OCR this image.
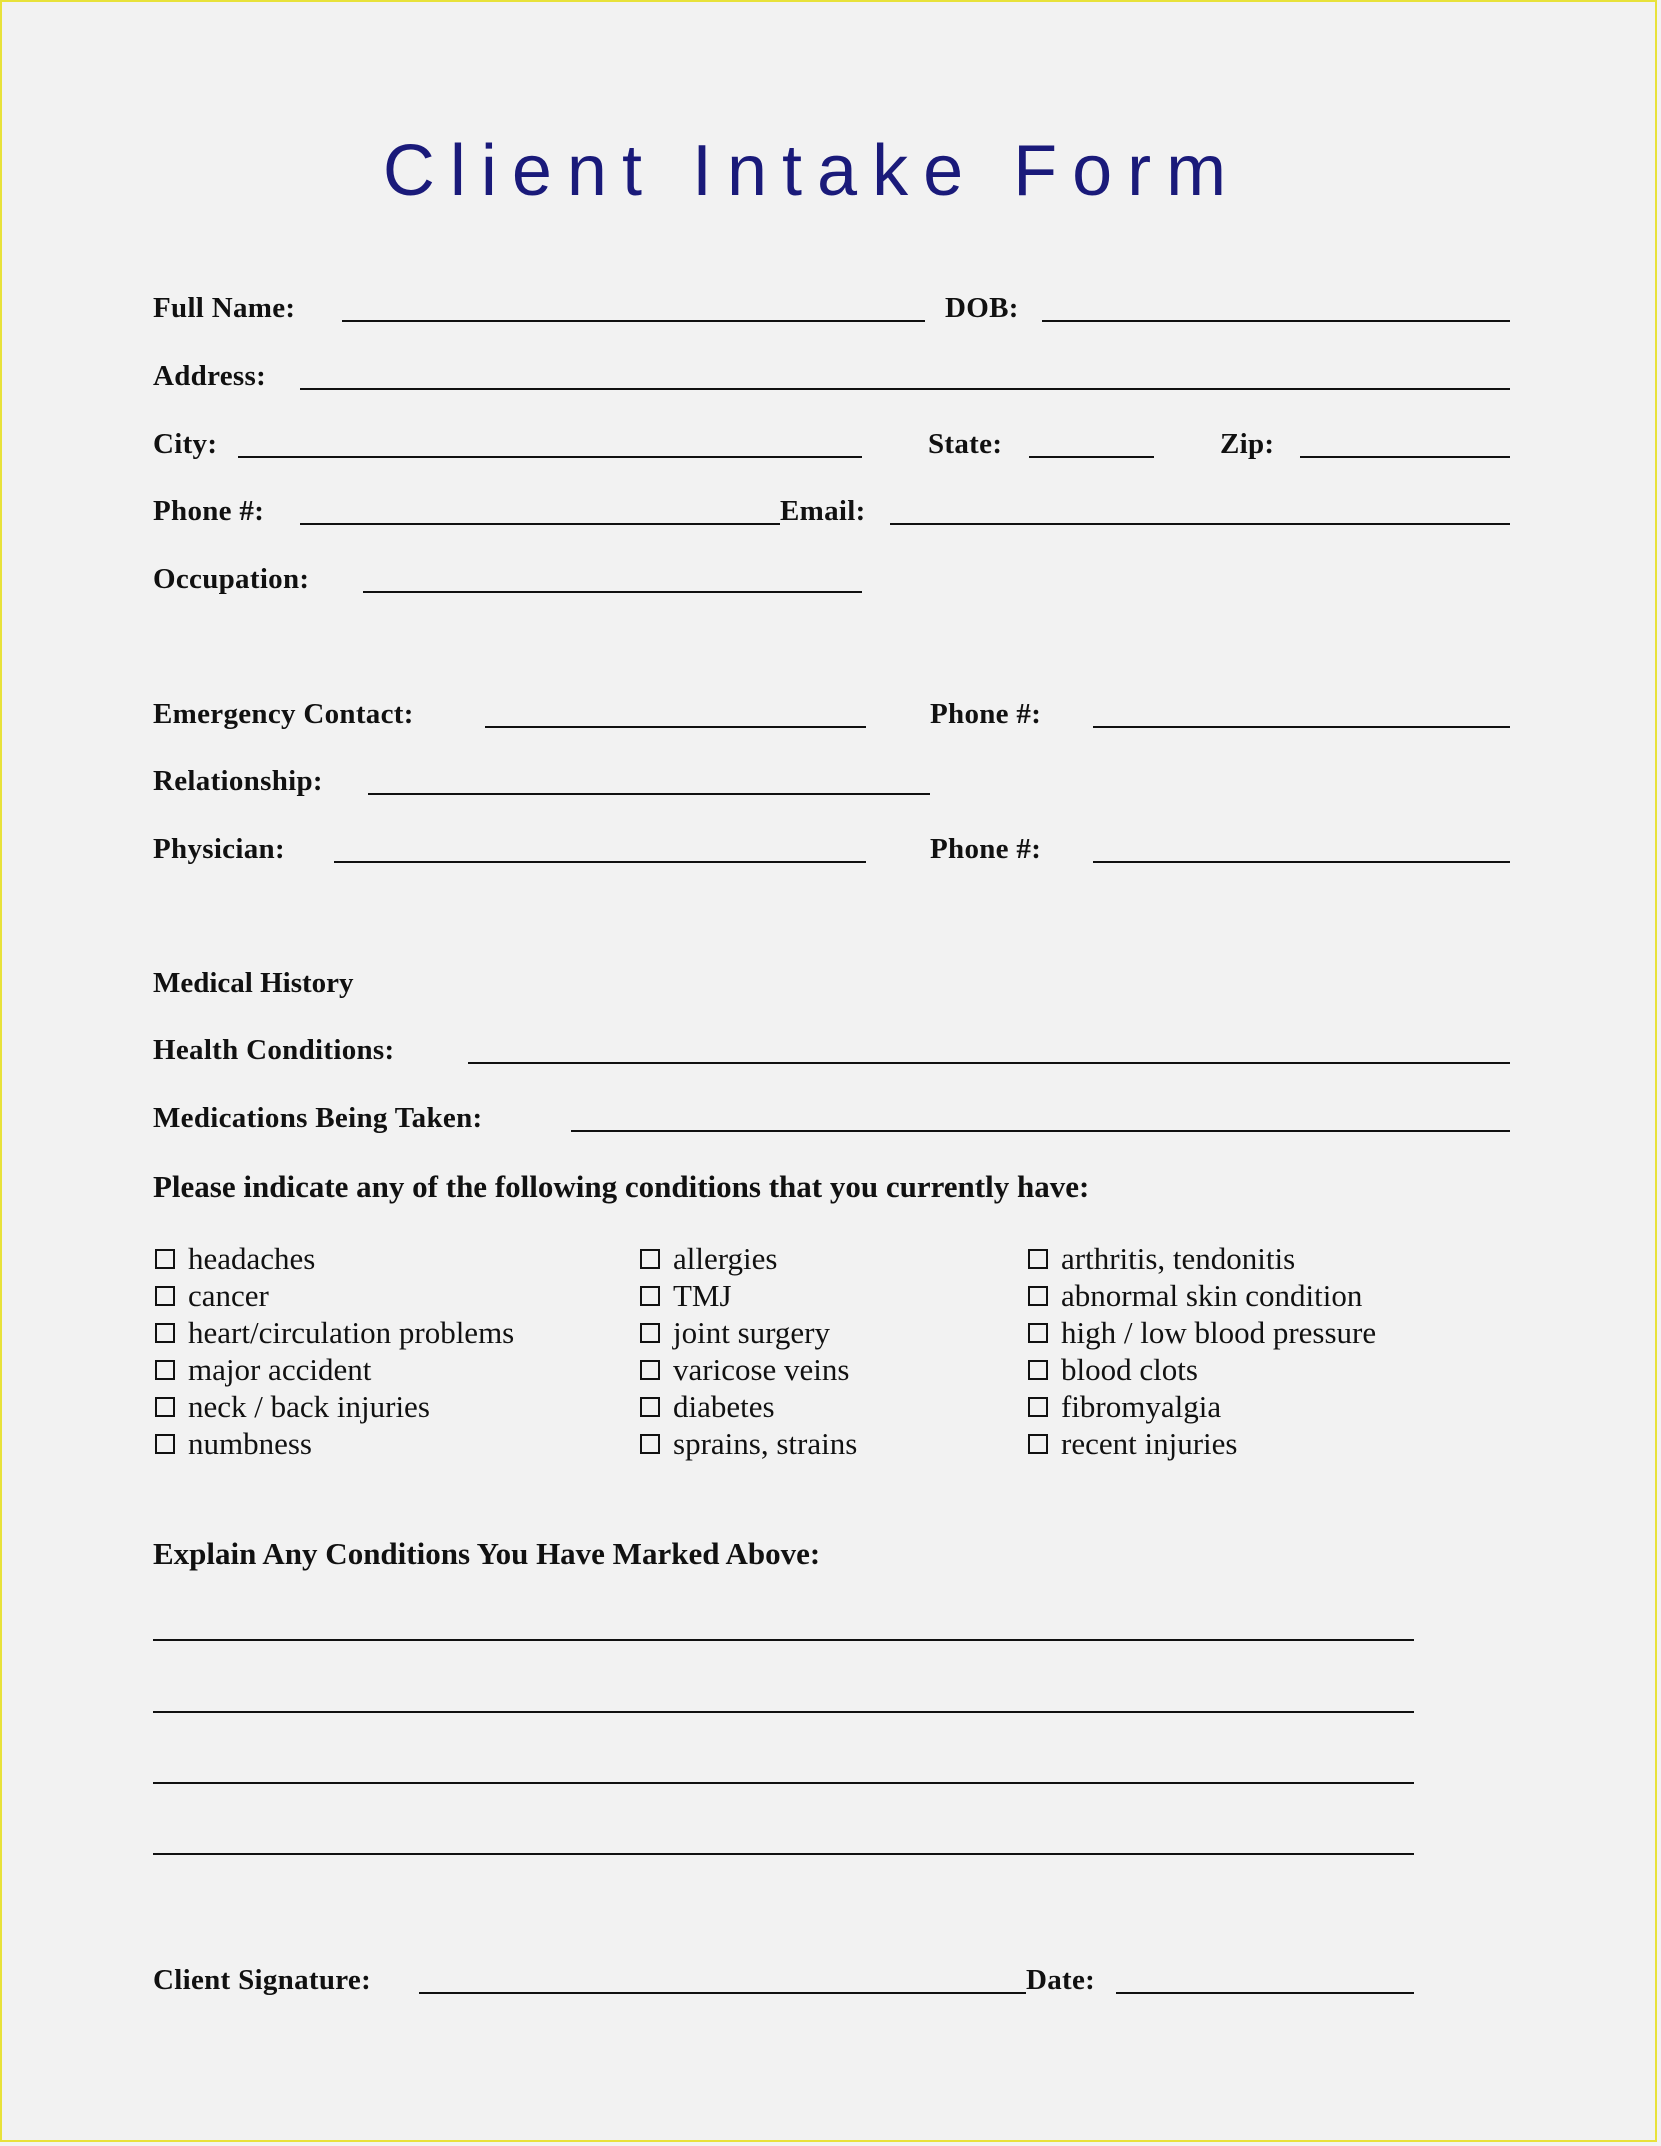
Client Intake Form
Full Name:	DOB:
Address:
City:	State:	Zip:
Phone #:	Email:
Occupation:
Emergency Contact:	Phone #:
Relationship:
Physician:	Phone #:
Medical History
Health Conditions:
Medications Being Taken:
Please indicate any of the following conditions that you currently have:
headaches
cancer
heart/circulation problems
major accident
neck / back injuries
numbness
allergies
TMJ
joint surgery
varicose veins
diabetes
sprains, strains
arthritis, tendonitis
abnormal skin condition
high / low blood pressure
blood clots
fibromyalgia
recent injuries
Explain Any Conditions You Have Marked Above:
Client Signature:	Date:
